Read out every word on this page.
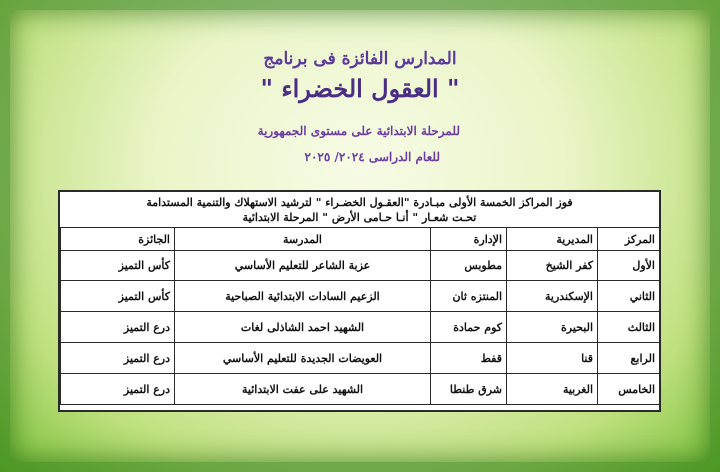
المدارس الفائزة فى برنامج
" العقول الخضراء "
للمرحلة الابتدائية على مستوى الجمهورية
للعام الدراسى ٢٠٢٤/ ٢٠٢٥
فوز المراكز الخمسة الأولى مبـادرة "العقـول الخضـراء " لترشيد الاستهلاك والتنمية المستدامة
تحـت شعـار " أنـا حـامى الأرض " المرحلة الابتدائية
المركز	المديرية	الإدارة	المدرسة	الجائزة
الأول	كفر الشيخ	مطوبس	عزبة الشاعر للتعليم الأساسي	كأس التميز
الثاني	الإسكندرية	المنتزه ثان	الزعيم السادات الابتدائية الصباحية	كأس التميز
الثالث	البحيرة	كوم حمادة	الشهيد احمد الشاذلى لغات	درع التميز
الرابع	قنا	قفط	العويضات الجديدة للتعليم الأساسي	درع التميز
الخامس	الغربية	شرق طنطا	الشهيد على عفت الابتدائية	درع التميز
